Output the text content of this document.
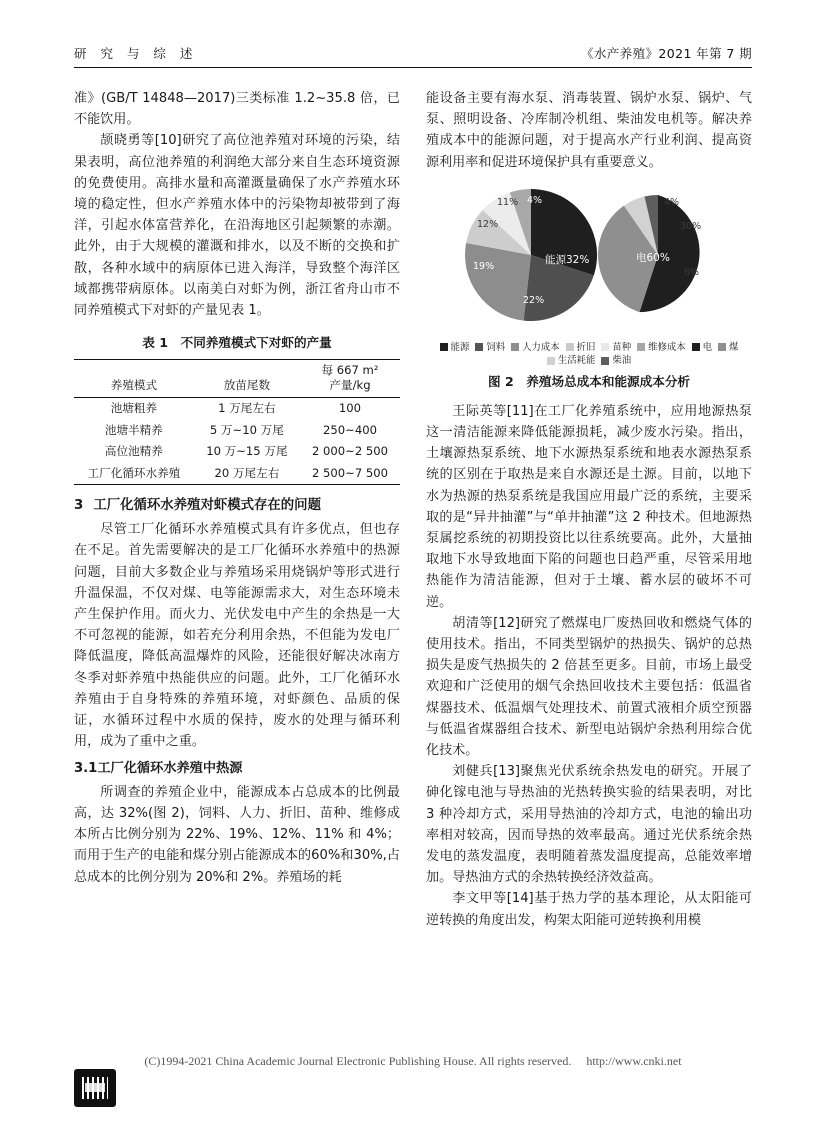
研 究 与 综 述	《水产养殖》2021 年第 7 期

准》(GB/T 14848—2017)三类标准 1.2~35.8 倍，已不能饮用。

颉晓勇等[10]研究了高位池养殖对环境的污染，结果表明，高位池养殖的利润绝大部分来自生态环境资源的免费使用。高排水量和高灌溉量确保了水产养殖水环境的稳定性，但水产养殖水体中的污染物却被带到了海洋，引起水体富营养化，在沿海地区引起频繁的赤潮。此外，由于大规模的灌溉和排水，以及不断的交换和扩散，各种水域中的病原体已进入海洋，导致整个海洋区域都携带病原体。以南美白对虾为例，浙江省舟山市不同养殖模式下对虾的产量见表 1。

表 1　不同养殖模式下对虾的产量
养殖模式	放苗尾数	每 667 m²
产量/kg

池塘粗养	1 万尾左右	100
池塘半精养	5 万~10 万尾	250~400
高位池精养	10 万~15 万尾	2 000~2 500
工厂化循环水养殖	20 万尾左右	2 500~7 500

3 工厂化循环水养殖对虾模式存在的问题

尽管工厂化循环水养殖模式具有许多优点，但也存在不足。首先需要解决的是工厂化循环水养殖中的热源问题，目前大多数企业与养殖场采用烧锅炉等形式进行升温保温，不仅对煤、电等能源需求大，对生态环境未产生保护作用。而火力、光伏发电中产生的余热是一大不可忽视的能源，如若充分利用余热，不但能为发电厂降低温度，降低高温爆炸的风险，还能很好解决冰南方冬季对虾养殖中热能供应的问题。此外，工厂化循环水养殖由于自身特殊的养殖环境，对虾颜色、品质的保证，水循环过程中水质的保持，废水的处理与循环利用，成为了重中之重。

3.1工厂化循环水养殖中热源

所调查的养殖企业中，能源成本占总成本的比例最高，达 32%(图 2)，饲料、人力、折旧、苗种、维修成本所占比例分别为 22%、19%、12%、11% 和 4%；而用于生产的电能和煤分别占能源成本的60%和30%,占总成本的比例分别为 20%和 2%。养殖场的耗

能设备主要有海水泵、消毒装置、锅炉水泵、锅炉、气泵、照明设备、冷库制冷机组、柴油发电机等。解决养殖成本中的能源问题，对于提高水产行业利润、提高资源利用率和促进环境保护具有重要意义。

能源32%
22%
19%
12%
11% 4%
电60%
30%
6%
4%
能源 饲料 人力成本 折旧 苗种 维修成本 电 煤
生活耗能 柴油
图 2　养殖场总成本和能源成本分析

王际英等[11]在工厂化养殖系统中，应用地源热泵这一清洁能源来降低能源损耗，减少废水污染。指出，土壤源热泵系统、地下水源热泵系统和地表水源热泵系统的区别在于取热是来自水源还是土源。目前，以地下水为热源的热泵系统是我国应用最广泛的系统，主要采取的是“异井抽灌”与“单井抽灌”这 2 种技术。但地源热泵属挖系统的初期投资比以往系统要高。此外，大量抽取地下水导致地面下陷的问题也日趋严重，尽管采用地热能作为清洁能源，但对于土壤、蓄水层的破坏不可逆。

胡清等[12]研究了燃煤电厂废热回收和燃烧气体的使用技术。指出，不同类型锅炉的热损失、锅炉的总热损失是废气热损失的 2 倍甚至更多。目前，市场上最受欢迎和广泛使用的烟气余热回收技术主要包括：低温省煤器技术、低温烟气处理技术、前置式液相介质空预器与低温省煤器组合技术、新型电站锅炉余热利用综合优化技术。

刘健兵[13]聚焦光伏系统余热发电的研究。开展了砷化镓电池与导热油的光热转换实验的结果表明，对比 3 种冷却方式，采用导热油的冷却方式，电池的输出功率相对较高，因而导热的效率最高。通过光伏系统余热发电的蒸发温度，表明随着蒸发温度提高，总能效率增加。导热油方式的余热转换经济效益高。

李文甲等[14]基于热力学的基本理论，从太阳能可逆转换的角度出发，构架太阳能可逆转换利用模

(C)1994-2021 China Academic Journal Electronic Publishing House. All rights reserved. http://www.cnki.net
